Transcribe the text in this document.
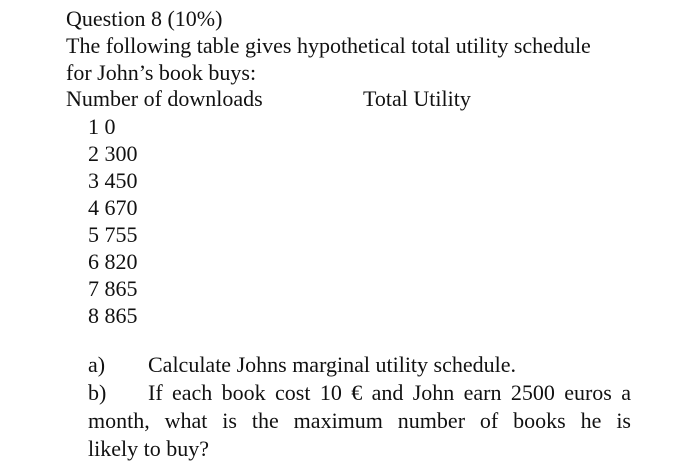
Question 8 (10%)
The following table gives hypothetical total utility schedule
for John’s book buys:
Number of downloads	Total Utility
1 0
2 300
3 450
4 670
5 755
6 820
7 865
8 865
a) Calculate Johns marginal utility schedule.
b) If each book cost 10 € and John earn 2500 euros a
month, what is the maximum number of books he is
likely to buy?
